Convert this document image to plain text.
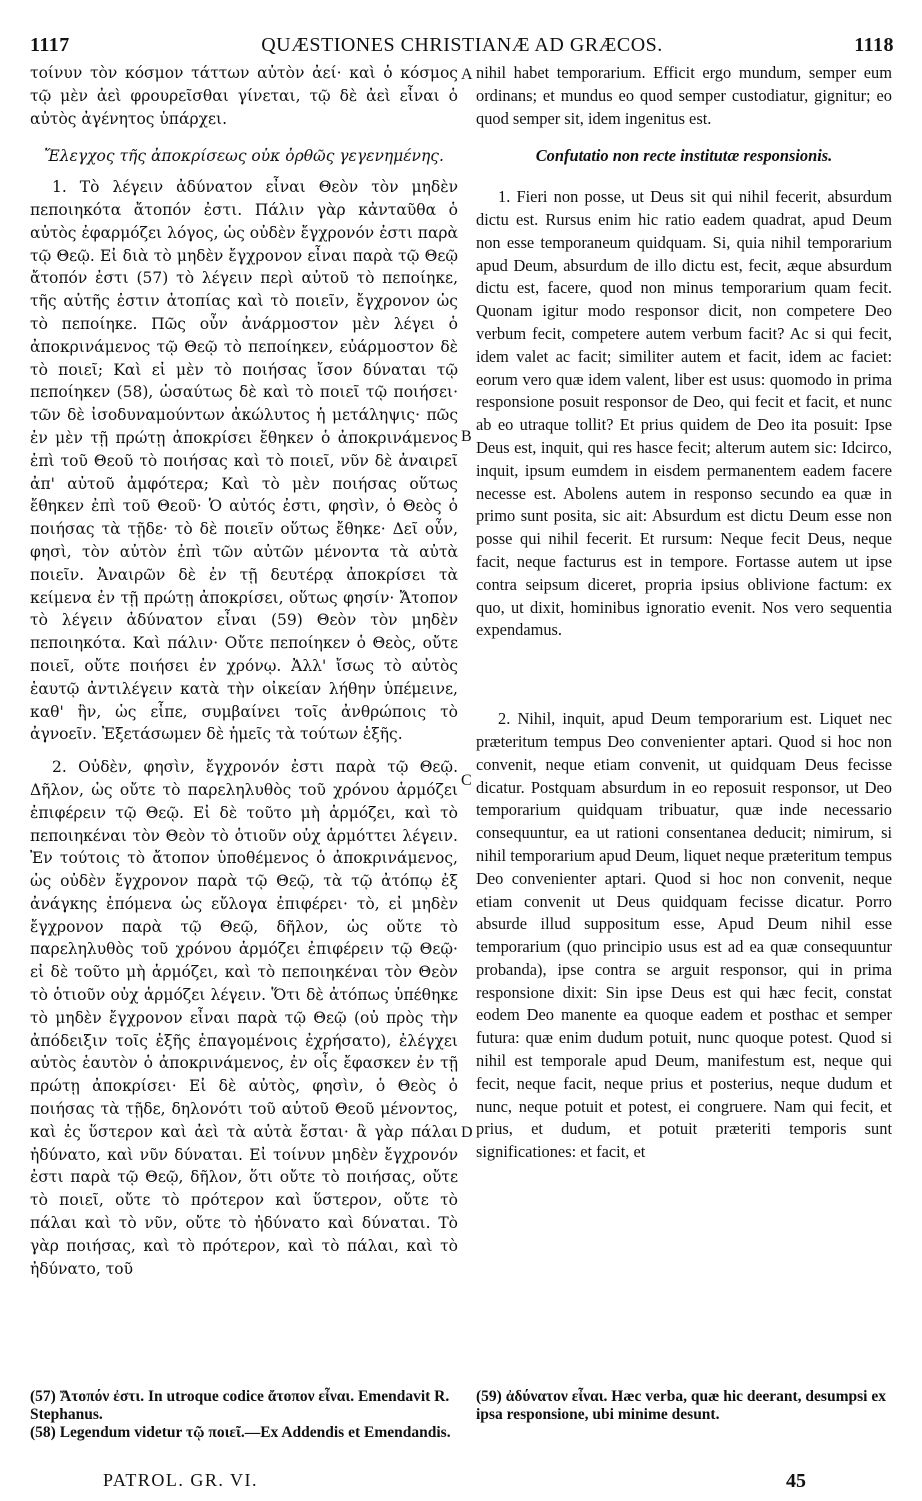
1117	QUÆSTIONES CHRISTIANÆ AD GRÆCOS.	1118

τοίνυν τὸν κόσμον τάττων αὐτὸν ἀεί· καὶ ὁ κόσμος τῷ μὲν ἀεὶ φρουρεῖσθαι γίνεται, τῷ δὲ ἀεὶ εἶναι ὁ αὐτὸς ἀγένητος ὑπάρχει.

Ἔλεγχος τῆς ἀποκρίσεως οὐκ ὀρθῶς γεγενημένης.

1. Τὸ λέγειν ἀδύνατον εἶναι Θεὸν τὸν μηδὲν πεποιηκότα ἄτοπόν ἐστι. Πάλιν γὰρ κἀνταῦθα ὁ αὐτὸς ἐφαρμόζει λόγος, ὡς οὐδὲν ἔγχρονόν ἐστι παρὰ τῷ Θεῷ. Εἰ διὰ τὸ μηδὲν ἔγχρονον εἶναι παρὰ τῷ Θεῷ ἄτοπόν ἐστι (57) τὸ λέγειν περὶ αὐτοῦ τὸ πεποίηκε, τῆς αὐτῆς ἐστιν ἀτοπίας καὶ τὸ ποιεῖν, ἔγχρονον ὡς τὸ πεποίηκε. Πῶς οὖν ἀνάρμοστον μὲν λέγει ὁ ἀποκρινάμενος τῷ Θεῷ τὸ πεποίηκεν, εὐάρμοστον δὲ τὸ ποιεῖ; Καὶ εἰ μὲν τὸ ποιήσας ἴσον δύναται τῷ πεποίηκεν (58), ὡσαύτως δὲ καὶ τὸ ποιεῖ τῷ ποιήσει· τῶν δὲ ἰσοδυναμούντων ἀκώλυτος ἡ μετάληψις· πῶς ἐν μὲν τῇ πρώτῃ ἀποκρίσει ἔθηκεν ὁ ἀποκρινάμενος ἐπὶ τοῦ Θεοῦ τὸ ποιήσας καὶ τὸ ποιεῖ, νῦν δὲ ἀναιρεῖ ἀπ' αὐτοῦ ἀμφότερα; Καὶ τὸ μὲν ποιήσας οὕτως ἔθηκεν ἐπὶ τοῦ Θεοῦ· Ὁ αὐτός ἐστι, φησὶν, ὁ Θεὸς ὁ ποιήσας τὰ τῇδε· τὸ δὲ ποιεῖν οὕτως ἔθηκε· Δεῖ οὖν, φησὶ, τὸν αὐτὸν ἐπὶ τῶν αὐτῶν μένοντα τὰ αὐτὰ ποιεῖν. Ἀναιρῶν δὲ ἐν τῇ δευτέρᾳ ἀποκρίσει τὰ κείμενα ἐν τῇ πρώτῃ ἀποκρίσει, οὕτως φησίν· Ἄτοπον τὸ λέγειν ἀδύνατον εἶναι (59) Θεὸν τὸν μηδὲν πεποιηκότα. Καὶ πάλιν· Οὔτε πεποίηκεν ὁ Θεὸς, οὔτε ποιεῖ, οὔτε ποιήσει ἐν χρόνῳ. Ἀλλ' ἴσως τὸ αὐτὸς ἑαυτῷ ἀντιλέγειν κατὰ τὴν οἰκείαν λήθην ὑπέμεινε, καθ' ἣν, ὡς εἶπε, συμβαίνει τοῖς ἀνθρώποις τὸ ἀγνοεῖν. Ἐξετάσωμεν δὲ ἡμεῖς τὰ τούτων ἑξῆς.

2. Οὐδὲν, φησὶν, ἔγχρονόν ἐστι παρὰ τῷ Θεῷ. Δῆλον, ὡς οὔτε τὸ παρεληλυθὸς τοῦ χρόνου ἁρμόζει ἐπιφέρειν τῷ Θεῷ. Εἰ δὲ τοῦτο μὴ ἁρμόζει, καὶ τὸ πεποιηκέναι τὸν Θεὸν τὸ ὁτιοῦν οὐχ ἁρμόττει λέγειν. Ἐν τούτοις τὸ ἄτοπον ὑποθέμενος ὁ ἀποκρινάμενος, ὡς οὐδὲν ἔγχρονον παρὰ τῷ Θεῷ, τὰ τῷ ἀτόπῳ ἐξ ἀνάγκης ἑπόμενα ὡς εὔλογα ἐπιφέρει· τὸ, εἰ μηδὲν ἔγχρονον παρὰ τῷ Θεῷ, δῆλον, ὡς οὔτε τὸ παρεληλυθὸς τοῦ χρόνου ἁρμόζει ἐπιφέρειν τῷ Θεῷ· εἰ δὲ τοῦτο μὴ ἁρμόζει, καὶ τὸ πεποιηκέναι τὸν Θεὸν τὸ ὁτιοῦν οὐχ ἁρμόζει λέγειν. Ὅτι δὲ ἀτόπως ὑπέθηκε τὸ μηδὲν ἔγχρονον εἶναι παρὰ τῷ Θεῷ (οὐ πρὸς τὴν ἀπόδειξιν τοῖς ἑξῆς ἐπαγομένοις ἐχρήσατο), ἐλέγχει αὐτὸς ἑαυτὸν ὁ ἀποκρινάμενος, ἐν οἷς ἔφασκεν ἐν τῇ πρώτῃ ἀποκρίσει· Εἰ δὲ αὐτὸς, φησὶν, ὁ Θεὸς ὁ ποιήσας τὰ τῇδε, δηλονότι τοῦ αὐτοῦ Θεοῦ μένοντος, καὶ ἐς ὕστερον καὶ ἀεὶ τὰ αὐτὰ ἔσται· ἃ γὰρ πάλαι ἠδύνατο, καὶ νῦν δύναται. Εἰ τοίνυν μηδὲν ἔγχρονόν ἐστι παρὰ τῷ Θεῷ, δῆλον, ὅτι οὔτε τὸ ποιήσας, οὔτε τὸ ποιεῖ, οὔτε τὸ πρότερον καὶ ὕστερον, οὔτε τὸ πάλαι καὶ τὸ νῦν, οὔτε τὸ ἠδύνατο καὶ δύναται. Τὸ γὰρ ποιήσας, καὶ τὸ πρότερον, καὶ τὸ πάλαι, καὶ τὸ ἠδύνατο, τοῦ

nihil habet temporarium. Efficit ergo mundum, semper eum ordinans; et mundus eo quod semper custodiatur, gignitur; eo quod semper sit, idem ingenitus est.

Confutatio non recte institutæ responsionis.

1. Fieri non posse, ut Deus sit qui nihil fecerit, absurdum dictu est. Rursus enim hic ratio eadem quadrat, apud Deum non esse temporaneum quidquam. Si, quia nihil temporarium apud Deum, absurdum de illo dictu est, fecit, æque absurdum dictu est, facere, quod non minus temporarium quam fecit. Quonam igitur modo responsor dicit, non competere Deo verbum fecit, competere autem verbum facit? Ac si qui fecit, idem valet ac facit; similiter autem et facit, idem ac faciet: eorum vero quæ idem valent, liber est usus: quomodo in prima responsione posuit responsor de Deo, qui fecit et facit, et nunc ab eo utraque tollit? Et prius quidem de Deo ita posuit: Ipse Deus est, inquit, qui res hasce fecit; alterum autem sic: Idcirco, inquit, ipsum eumdem in eisdem permanentem eadem facere necesse est. Abolens autem in responso secundo ea quæ in primo sunt posita, sic ait: Absurdum est dictu Deum esse non posse qui nihil fecerit. Et rursum: Neque fecit Deus, neque facit, neque facturus est in tempore. Fortasse autem ut ipse contra seipsum diceret, propria ipsius oblivione factum: ex quo, ut dixit, hominibus ignoratio evenit. Nos vero sequentia expendamus.

2. Nihil, inquit, apud Deum temporarium est. Liquet nec præteritum tempus Deo convenienter aptari. Quod si hoc non convenit, neque etiam convenit, ut quidquam Deus fecisse dicatur. Postquam absurdum in eo reposuit responsor, ut Deo temporarium quidquam tribuatur, quæ inde necessario consequuntur, ea ut rationi consentanea deducit; nimirum, si nihil temporarium apud Deum, liquet neque præteritum tempus Deo convenienter aptari. Quod si hoc non convenit, neque etiam convenit ut Deus quidquam fecisse dicatur. Porro absurde illud suppositum esse, Apud Deum nihil esse temporarium (quo principio usus est ad ea quæ consequuntur probanda), ipse contra se arguit responsor, qui in prima responsione dixit: Sin ipse Deus est qui hæc fecit, constat eodem Deo manente ea quoque eadem et posthac et semper futura: quæ enim dudum potuit, nunc quoque potest. Quod si nihil est temporale apud Deum, manifestum est, neque qui fecit, neque facit, neque prius et posterius, neque dudum et nunc, neque potuit et potest, ei congruere. Nam qui fecit, et prius, et dudum, et potuit præteriti temporis sunt significationes: et facit, et

A
B
C
D

(57) Ἄτοπόν ἐστι. In utroque codice ἄτοπον εἶναι. Emendavit R. Stephanus.

(58) Legendum videtur τῷ ποιεῖ.—Ex Addendis et Emendandis.

(59) ἀδύνατον εἶναι. Hæc verba, quæ hic deerant, desumpsi ex ipsa responsione, ubi minime desunt.

PATROL. GR. VI.	45
